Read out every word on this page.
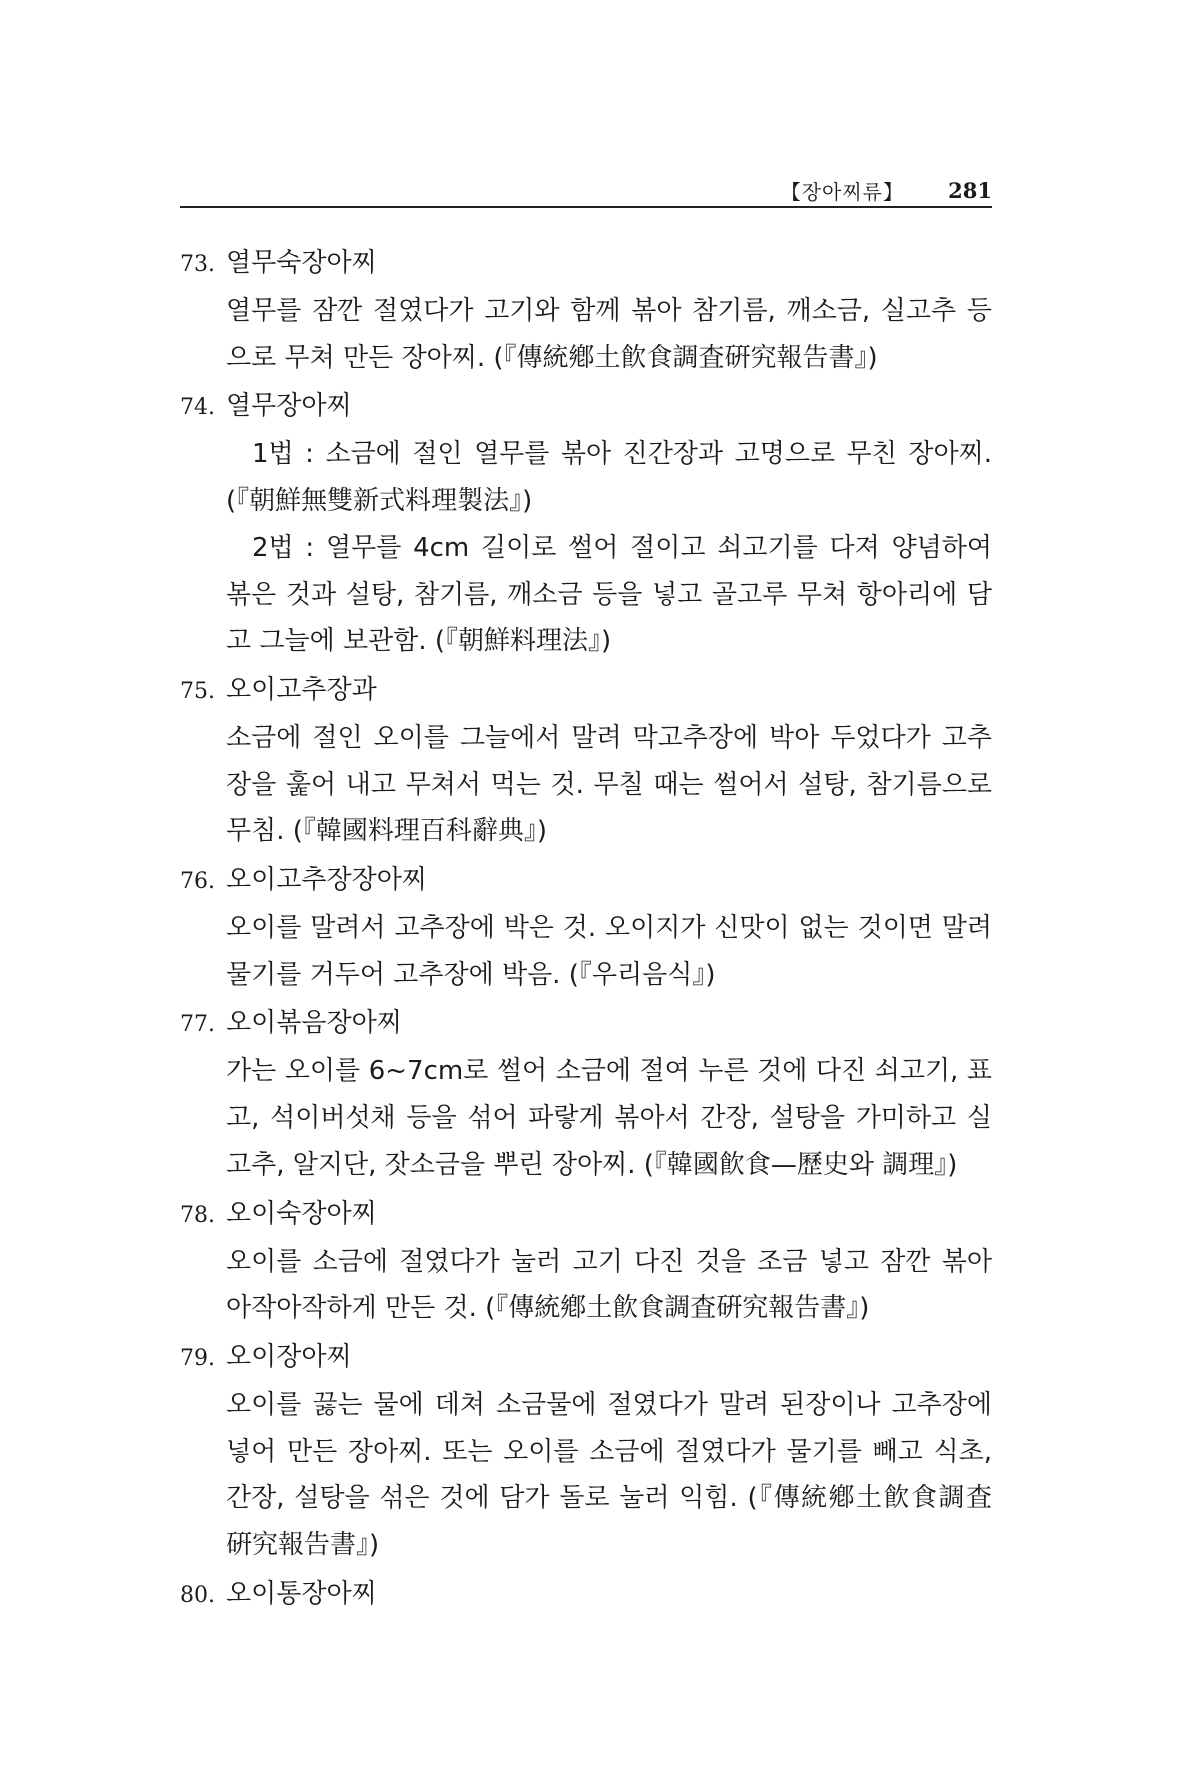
【장아찌류】 281
73. 열무숙장아찌

열무를 잠깐 절였다가 고기와 함께 볶아 참기름, 깨소금, 실고추 등으로 무쳐 만든 장아찌. (『傳統鄕土飮食調査硏究報告書』)

74. 열무장아찌

1법 : 소금에 절인 열무를 볶아 진간장과 고명으로 무친 장아찌. (『朝鮮無雙新式料理製法』)

2법 : 열무를 4cm 길이로 썰어 절이고 쇠고기를 다져 양념하여 볶은 것과 설탕, 참기름, 깨소금 등을 넣고 골고루 무쳐 항아리에 담고 그늘에 보관함. (『朝鮮料理法』)

75. 오이고추장과

소금에 절인 오이를 그늘에서 말려 막고추장에 박아 두었다가 고추장을 훑어 내고 무쳐서 먹는 것. 무칠 때는 썰어서 설탕, 참기름으로 무침. (『韓國料理百科辭典』)

76. 오이고추장장아찌

오이를 말려서 고추장에 박은 것. 오이지가 신맛이 없는 것이면 말려 물기를 거두어 고추장에 박음. (『우리음식』)

77. 오이볶음장아찌

가는 오이를 6~7cm로 썰어 소금에 절여 누른 것에 다진 쇠고기, 표고, 석이버섯채 등을 섞어 파랗게 볶아서 간장, 설탕을 가미하고 실고추, 알지단, 잣소금을 뿌린 장아찌. (『韓國飮食—歷史와 調理』)

78. 오이숙장아찌

오이를 소금에 절였다가 눌러 고기 다진 것을 조금 넣고 잠깐 볶아 아작아작하게 만든 것. (『傳統鄕土飮食調査硏究報告書』)

79. 오이장아찌

오이를 끓는 물에 데쳐 소금물에 절였다가 말려 된장이나 고추장에 넣어 만든 장아찌. 또는 오이를 소금에 절였다가 물기를 빼고 식초, 간장, 설탕을 섞은 것에 담가 돌로 눌러 익힘. (『傳統鄕土飮食調査硏究報告書』)

80. 오이통장아찌
